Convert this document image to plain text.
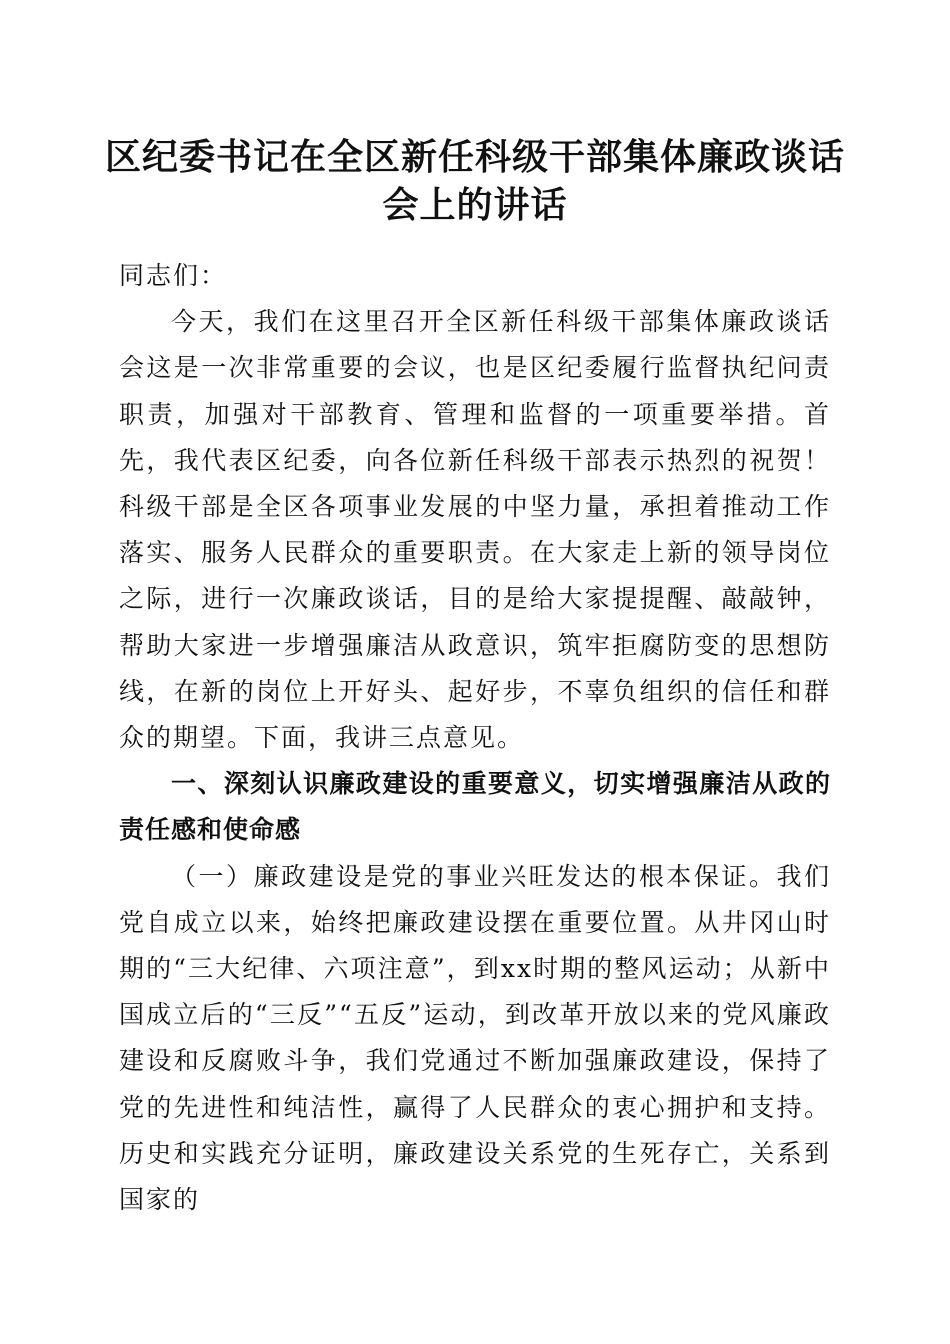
区纪委书记在全区新任科级干部集体廉政谈话
会上的讲话

同志们：

今天，我们在这里召开全区新任科级干部集体廉政谈话会这是一次非常重要的会议，也是区纪委履行监督执纪问责职责，加强对干部教育、管理和监督的一项重要举措。首先，我代表区纪委，向各位新任科级干部表示热烈的祝贺！科级干部是全区各项事业发展的中坚力量，承担着推动工作落实、服务人民群众的重要职责。在大家走上新的领导岗位之际，进行一次廉政谈话，目的是给大家提提醒、敲敲钟，帮助大家进一步增强廉洁从政意识，筑牢拒腐防变的思想防线，在新的岗位上开好头、起好步，不辜负组织的信任和群众的期望。下面，我讲三点意见。

一、深刻认识廉政建设的重要意义，切实增强廉洁从政的责任感和使命感

（一）廉政建设是党的事业兴旺发达的根本保证。我们党自成立以来，始终把廉政建设摆在重要位置。从井冈山时期的“三大纪律、六项注意”，到xx时期的整风运动；从新中国成立后的“三反”“五反”运动，到改革开放以来的党风廉政建设和反腐败斗争，我们党通过不断加强廉政建设，保持了党的先进性和纯洁性，赢得了人民群众的衷心拥护和支持。历史和实践充分证明，廉政建设关系党的生死存亡，关系到国家的
